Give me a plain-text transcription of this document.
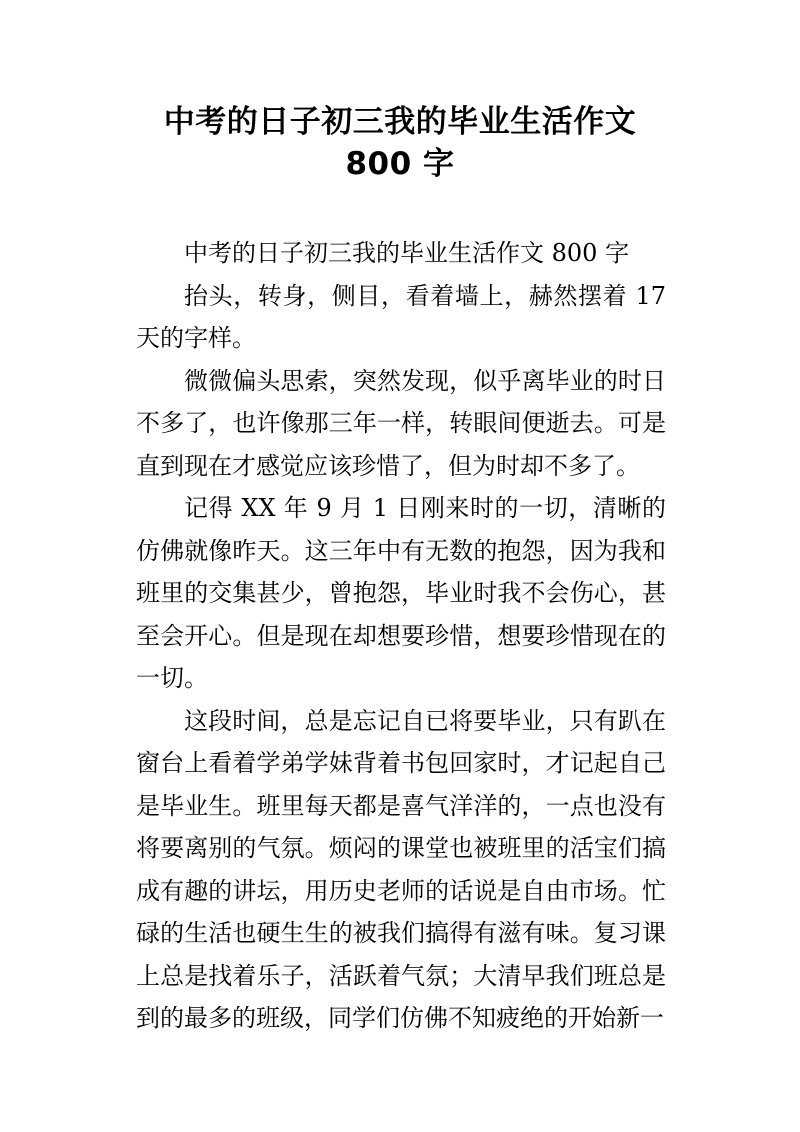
中考的日子初三我的毕业生活作文
800 字

中考的日子初三我的毕业生活作文 800 字

抬头，转身，侧目，看着墙上，赫然摆着 17 天的字样。

微微偏头思索，突然发现，似乎离毕业的时日不多了，也许像那三年一样，转眼间便逝去。可是直到现在才感觉应该珍惜了，但为时却不多了。

记得 XX 年 9 月 1 日刚来时的一切，清晰的仿佛就像昨天。这三年中有无数的抱怨，因为我和班里的交集甚少，曾抱怨，毕业时我不会伤心，甚至会开心。但是现在却想要珍惜，想要珍惜现在的一切。

这段时间，总是忘记自已将要毕业，只有趴在窗台上看着学弟学妹背着书包回家时，才记起自己是毕业生。班里每天都是喜气洋洋的，一点也没有将要离别的气氛。烦闷的课堂也被班里的活宝们搞成有趣的讲坛，用历史老师的话说是自由市场。忙碌的生活也硬生生的被我们搞得有滋有味。复习课上总是找着乐子，活跃着气氛；大清早我们班总是到的最多的班级，同学们仿佛不知疲绝的开始新一
